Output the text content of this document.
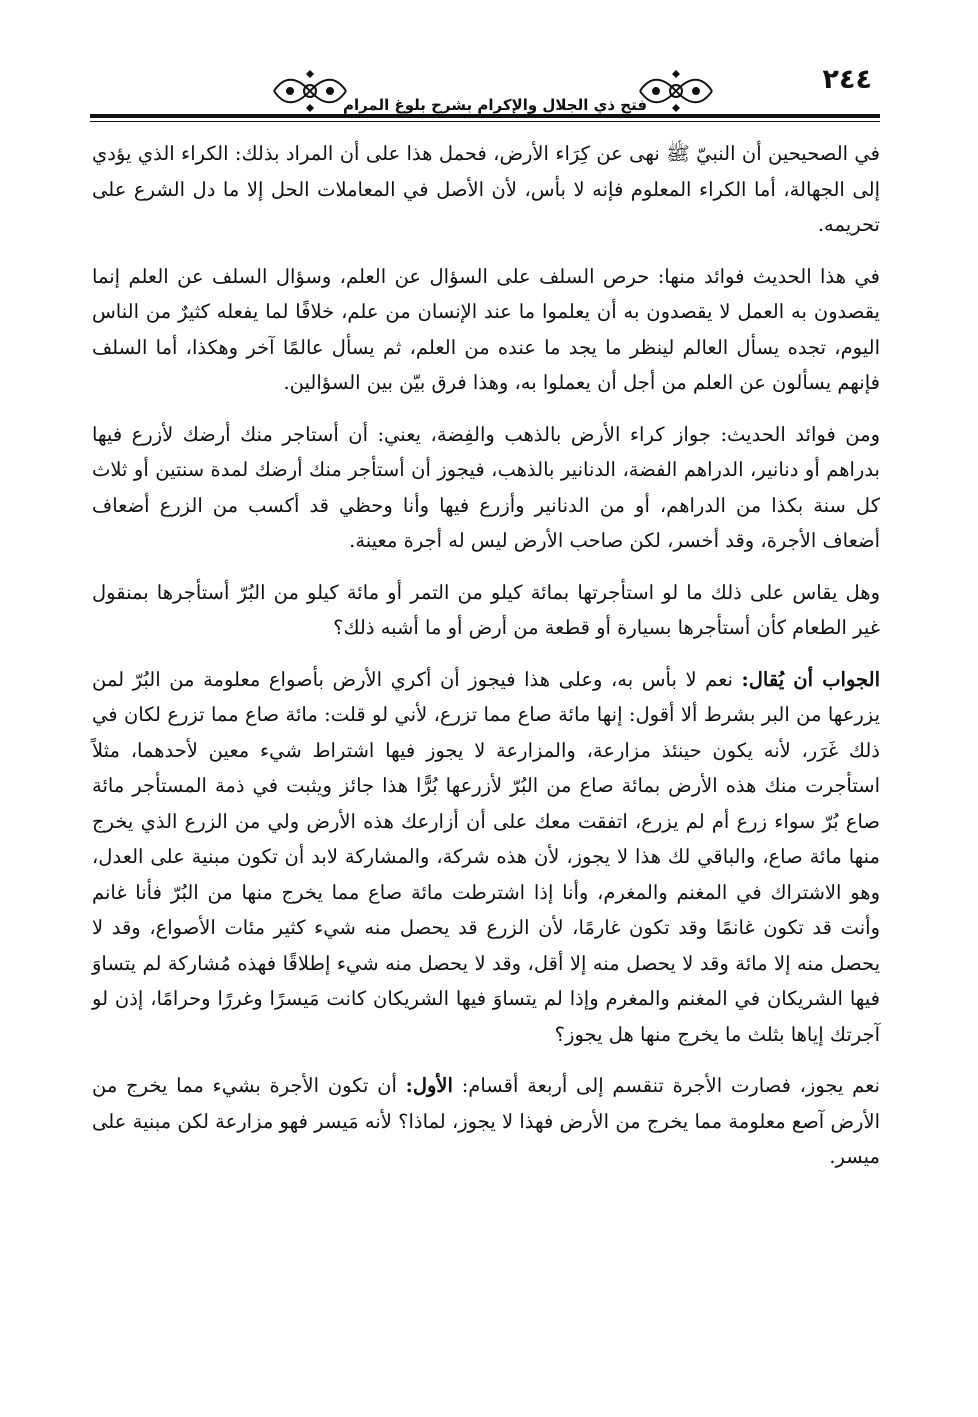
٢٤٤
فتح ذي الجلال والإكرام بشرح بلوغ المرام

في الصحيحين أن النبيّ ﷺ نهى عن كِرَاء الأرض، فحمل هذا على أن المراد بذلك: الكراء الذي يؤدي إلى الجهالة، أما الكراء المعلوم فإنه لا بأس، لأن الأصل في المعاملات الحل إلا ما دل الشرع على تحريمه.

في هذا الحديث فوائد منها: حرص السلف على السؤال عن العلم، وسؤال السلف عن العلم إنما يقصدون به العمل لا يقصدون به أن يعلموا ما عند الإنسان من علم، خلافًا لما يفعله كثيرٌ من الناس اليوم، تجده يسأل العالم لينظر ما يجد ما عنده من العلم، ثم يسأل عالمًا آخر وهكذا، أما السلف فإنهم يسألون عن العلم من أجل أن يعملوا به، وهذا فرق بيّن بين السؤالين.

ومن فوائد الحديث: جواز كراء الأرض بالذهب والفِضة، يعني: أن أستاجر منك أرضك لأزرع فيها بدراهم أو دنانير، الدراهم الفضة، الدنانير بالذهب، فيجوز أن أستأجر منك أرضك لمدة سنتين أو ثلاث كل سنة بكذا من الدراهم، أو من الدنانير وأزرع فيها وأنا وحظي قد أكسب من الزرع أضعاف أضعاف الأجرة، وقد أخسر، لكن صاحب الأرض ليس له أجرة معينة.

وهل يقاس على ذلك ما لو استأجرتها بمائة كيلو من التمر أو مائة كيلو من البُرّ أستأجرها بمنقول غير الطعام كأن أستأجرها بسيارة أو قطعة من أرض أو ما أشبه ذلك؟

الجواب أن يُقال: نعم لا بأس به، وعلى هذا فيجوز أن أكري الأرض بأصواع معلومة من البُرّ لمن يزرعها من البر بشرط ألا أقول: إنها مائة صاع مما تزرع، لأني لو قلت: مائة صاع مما تزرع لكان في ذلك غَرَر، لأنه يكون حينئذ مزارعة، والمزارعة لا يجوز فيها اشتراط شيء معين لأحدهما، مثلاً استأجرت منك هذه الأرض بمائة صاع من البُرّ لأزرعها بُرًّا هذا جائز ويثبت في ذمة المستأجر مائة صاع بُرّ سواء زرع أم لم يزرع، اتفقت معك على أن أزارعك هذه الأرض ولي من الزرع الذي يخرج منها مائة صاع، والباقي لك هذا لا يجوز، لأن هذه شركة، والمشاركة لابد أن تكون مبنية على العدل، وهو الاشتراك في المغنم والمغرم، وأنا إذا اشترطت مائة صاع مما يخرج منها من البُرّ فأنا غانم وأنت قد تكون غانمًا وقد تكون غارمًا، لأن الزرع قد يحصل منه شيء كثير مئات الأصواع، وقد لا يحصل منه إلا مائة وقد لا يحصل منه إلا أقل، وقد لا يحصل منه شيء إطلاقًا فهذه مُشاركة لم يتساوَ فيها الشريكان في المغنم والمغرم وإذا لم يتساوَ فيها الشريكان كانت مَيسرًا وغررًا وحرامًا، إذن لو آجرتك إياها بثلث ما يخرج منها هل يجوز؟

نعم يجوز، فصارت الأجرة تنقسم إلى أربعة أقسام: الأول: أن تكون الأجرة بشيء مما يخرج من الأرض آصع معلومة مما يخرج من الأرض فهذا لا يجوز، لماذا؟ لأنه مَيسر فهو مزارعة لكن مبنية على ميسر.
